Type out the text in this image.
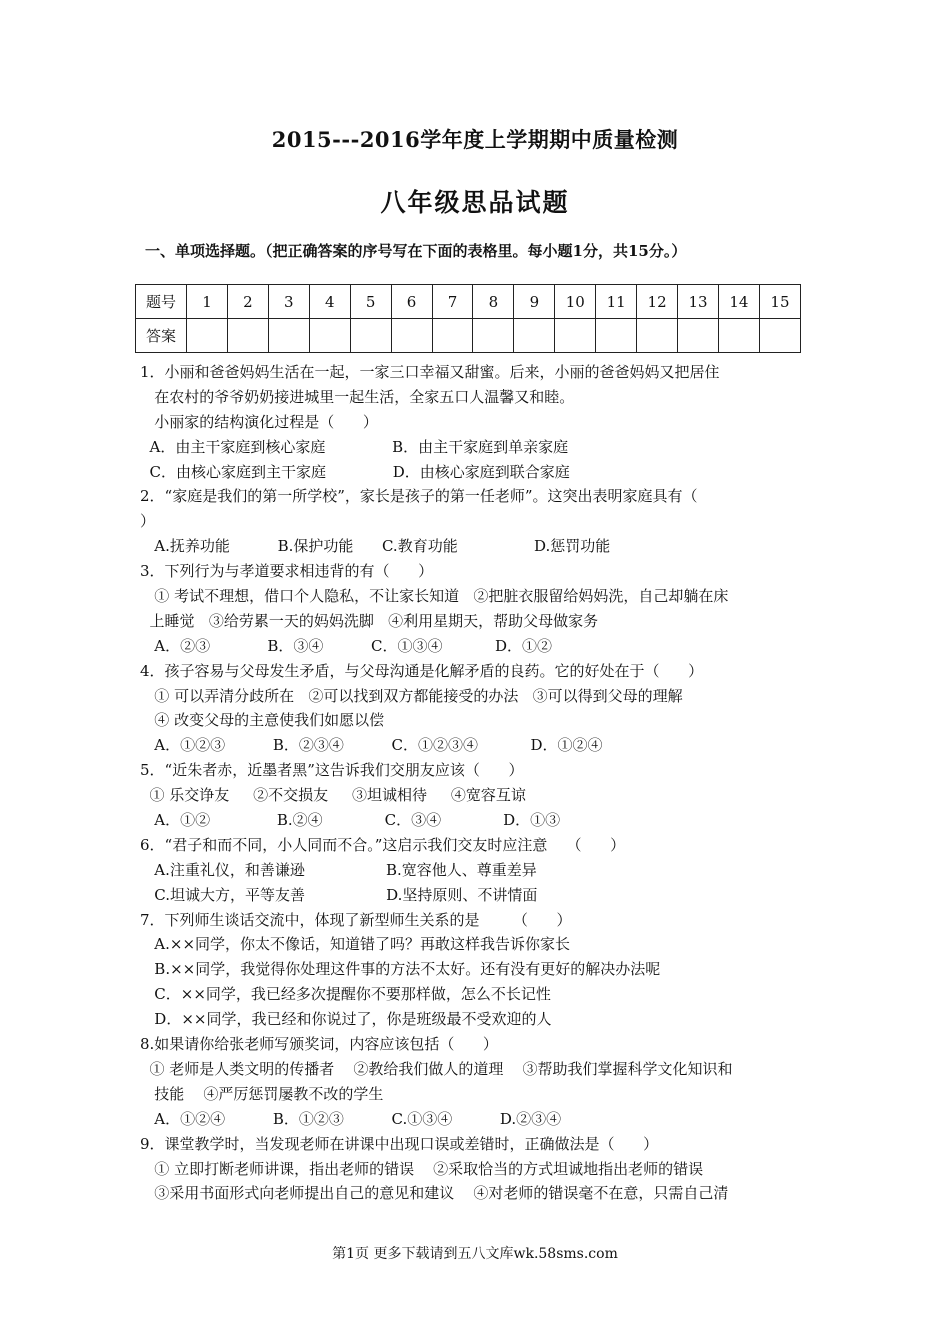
2015---2016学年度上学期期中质量检测
八年级思品试题
一、单项选择题。（把正确答案的序号写在下面的表格里。每小题1分，共15分。）
题号	1	2	3	4	5	6	7	8	9	10	11	12	13	14	15
答案															
1．小丽和爸爸妈妈生活在一起，一家三口幸福又甜蜜。后来，小丽的爸爸妈妈又把居住
在农村的爷爷奶奶接进城里一起生活，全家五口人温馨又和睦。
小丽家的结构演化过程是（      ）
A．由主干家庭到核心家庭              B．由主干家庭到单亲家庭
C．由核心家庭到主干家庭              D．由核心家庭到联合家庭
2．“家庭是我们的第一所学校”，家长是孩子的第一任老师”。这突出表明家庭具有（
）
A.抚养功能          B.保护功能      C.教育功能                D.惩罚功能
3．下列行为与孝道要求相违背的有（      ）
① 考试不理想，借口个人隐私，不让家长知道   ②把脏衣服留给妈妈洗，自己却躺在床
上睡觉   ③给劳累一天的妈妈洗脚   ④利用星期天，帮助父母做家务
A．②③            B．③④          C．①③④           D．①②
4．孩子容易与父母发生矛盾，与父母沟通是化解矛盾的良药。它的好处在于（      ）
① 可以弄清分歧所在   ②可以找到双方都能接受的办法   ③可以得到父母的理解
④ 改变父母的主意使我们如愿以偿
A．①②③          B．②③④          C．①②③④           D．①②④
5．“近朱者赤，近墨者黑”这告诉我们交朋友应该（      ）
① 乐交诤友     ②不交损友     ③坦诚相待     ④宽容互谅
A．①②              B.②④             C．③④             D．①③
6．“君子和而不同，小人同而不合。”这启示我们交友时应注意    （      ）
A.注重礼仪，和善谦逊                 B.宽容他人、尊重差异
C.坦诚大方，平等友善                 D.坚持原则、不讲情面
7．下列师生谈话交流中，体现了新型师生关系的是       （      ）
A.××同学，你太不像话，知道错了吗？再敢这样我告诉你家长
B.××同学，我觉得你处理这件事的方法不太好。还有没有更好的解决办法呢
C．××同学，我已经多次提醒你不要那样做，怎么不长记性
D．××同学，我已经和你说过了，你是班级最不受欢迎的人
8.如果请你给张老师写颁奖词，内容应该包括（      ）
① 老师是人类文明的传播者    ②教给我们做人的道理    ③帮助我们掌握科学文化知识和
技能    ④严厉惩罚屡教不改的学生
A．①②④          B．①②③          C.①③④          D.②③④
9．课堂教学时，当发现老师在讲课中出现口误或差错时，正确做法是（      ）
① 立即打断老师讲课，指出老师的错误    ②采取恰当的方式坦诚地指出老师的错误
③采用书面形式向老师提出自己的意见和建议    ④对老师的错误毫不在意，只需自己清
第1页 更多下载请到五八文库wk.58sms.com
